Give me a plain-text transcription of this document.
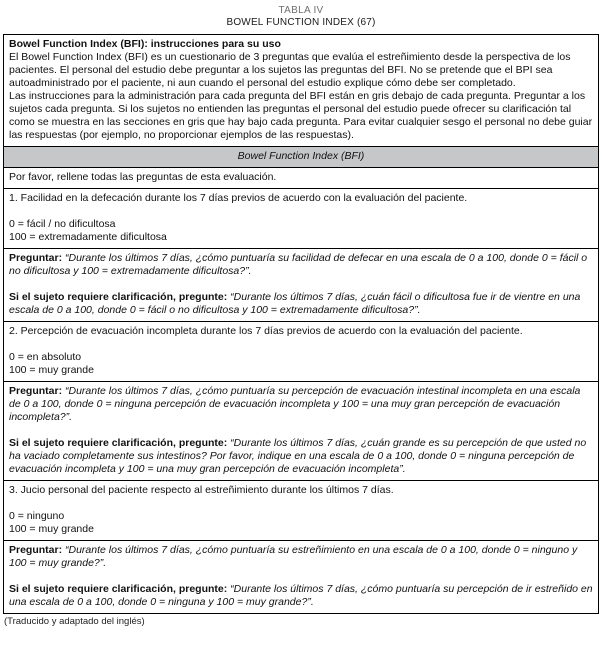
TABLA IV
BOWEL FUNCTION INDEX (67)

Bowel Function Index (BFI): instrucciones para su uso

El Bowel Function Index (BFI) es un cuestionario de 3 preguntas que evalúa el estreñimiento desde la perspectiva de los pacientes. El personal del estudio debe preguntar a los sujetos las preguntas del BFI. No se pretende que el BPI sea autoadministrado por el paciente, ni aun cuando el personal del estudio explique cómo debe ser completado.

Las instrucciones para la administración para cada pregunta del BFI están en gris debajo de cada pregunta. Preguntar a los sujetos cada pregunta. Si los sujetos no entienden las preguntas el personal del estudio puede ofrecer su clarificación tal como se muestra en las secciones en gris que hay bajo cada pregunta. Para evitar cualquier sesgo el personal no debe guiar las respuestas (por ejemplo, no proporcionar ejemplos de las respuestas).

Bowel Function Index (BFI)
Por favor, rellene todas las preguntas de esta evaluación.

1. Facilidad en la defecación durante los 7 días previos de acuerdo con la evaluación del paciente.

0 = fácil / no dificultosa
100 = extremadamente dificultosa

Preguntar: “Durante los últimos 7 días, ¿cómo puntuaría su facilidad de defecar en una escala de 0 a 100, donde 0 = fácil o no dificultosa y 100 = extremadamente dificultosa?”.

Si el sujeto requiere clarificación, pregunte: “Durante los últimos 7 días, ¿cuán fácil o dificultosa fue ir de vientre en una escala de 0 a 100, donde 0 = fácil o no dificultosa y 100 = extremadamente dificultosa?”.

2. Percepción de evacuación incompleta durante los 7 días previos de acuerdo con la evaluación del paciente.

0 = en absoluto
100 = muy grande

Preguntar: “Durante los últimos 7 días, ¿cómo puntuaría su percepción de evacuación intestinal incompleta en una escala de 0 a 100, donde 0 = ninguna percepción de evacuación incompleta y 100 = una muy gran percepción de evacuación incompleta?”.

Si el sujeto requiere clarificación, pregunte: “Durante los últimos 7 días, ¿cuán grande es su percepción de que usted no ha vaciado completamente sus intestinos? Por favor, indique en una escala de 0 a 100, donde 0 = ninguna percepción de evacuación incompleta y 100 = una muy gran percepción de evacuación incompleta”.

3. Jucio personal del paciente respecto al estreñimiento durante los últimos 7 días.

0 = ninguno
100 = muy grande

Preguntar: “Durante los últimos 7 días, ¿cómo puntuaría su estreñimiento en una escala de 0 a 100, donde 0 = ninguno y 100 = muy grande?”.

Si el sujeto requiere clarificación, pregunte: “Durante los últimos 7 días, ¿cómo puntuaría su percepción de ir estreñido en una escala de 0 a 100, donde 0 = ninguna y 100 = muy grande?”.

(Traducido y adaptado del inglés)
